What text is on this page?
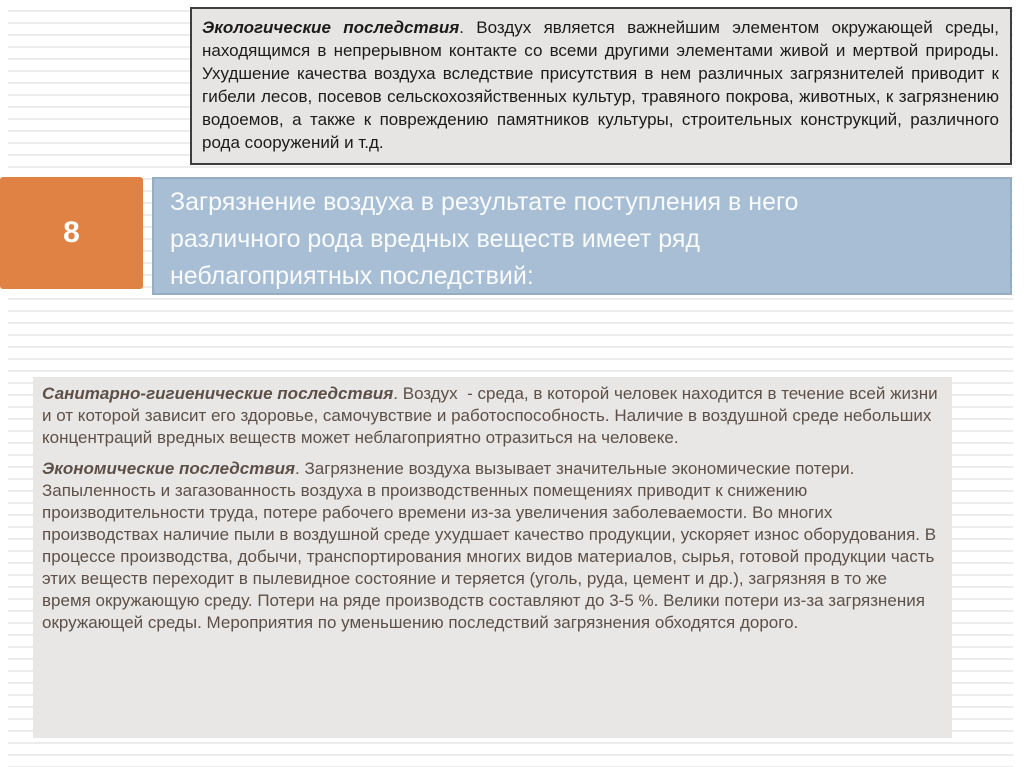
Экологические последствия. Воздух является важнейшим элементом окружающей среды, находящимся в непрерывном контакте со всеми другими элементами живой и мертвой природы. Ухудшение качества воздуха вследствие присутствия в нем различных загрязнителей приводит к гибели лесов, посевов сельскохозяйственных культур, травяного покрова, животных, к загрязнению водоемов, а также к повреждению памятников культуры, строительных конструкций, различного рода сооружений и т.д.
8
Загрязнение воздуха в результате поступления в него
различного рода вредных веществ имеет ряд
неблагоприятных последствий:

Санитарно-гигиенические последствия. Воздух  - среда, в которой человек находится в течение всей жизни и от которой зависит его здоровье, самочувствие и работоспособность. Наличие в воздушной среде небольших концентраций вредных веществ может неблагоприятно отразиться на человеке.

Экономические последствия. Загрязнение воздуха вызывает значительные экономические потери. Запыленность и загазованность воздуха в производственных помещениях приводит к снижению производительности труда, потере рабочего времени из-за увеличения заболеваемости. Во многих производствах наличие пыли в воздушной среде ухудшает качество продукции, ускоряет износ оборудования. В процессе производства, добычи, транспортирования многих видов материалов, сырья, готовой продукции часть этих веществ переходит в пылевидное состояние и теряется (уголь, руда, цемент и др.), загрязняя в то же время окружающую среду. Потери на ряде производств составляют до 3-5 %. Велики потери из-за загрязнения окружающей среды. Мероприятия по уменьшению последствий загрязнения обходятся дорого.
